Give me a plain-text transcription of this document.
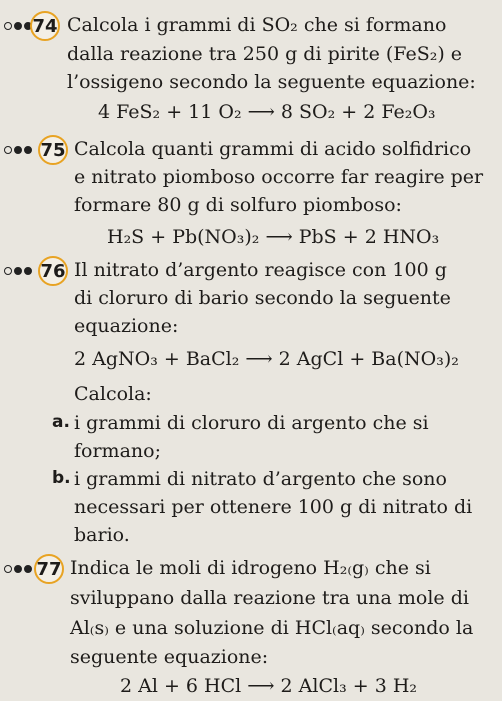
74 Calcola i grammi di SO₂ che si formano
dalla reazione tra 250 g di pirite (FeS₂) e
l’ossigeno secondo la seguente equazione:
4 FeS₂ + 11 O₂ ⟶ 8 SO₂ + 2 Fe₂O₃
75 Calcola quanti grammi di acido solfidrico
e nitrato piomboso occorre far reagire per
formare 80 g di solfuro piomboso:
H₂S + Pb(NO₃)₂ ⟶ PbS + 2 HNO₃
76 Il nitrato d’argento reagisce con 100 g
di cloruro di bario secondo la seguente
equazione:
2 AgNO₃ + BaCl₂ ⟶ 2 AgCl + Ba(NO₃)₂
Calcola:
a. i grammi di cloruro di argento che si
formano;
b. i grammi di nitrato d’argento che sono
necessari per ottenere 100 g di nitrato di
bario.
77 Indica le moli di idrogeno H₂₍g₎ che si
sviluppano dalla reazione tra una mole di
Al₍s₎ e una soluzione di HCl₍aq₎ secondo la
seguente equazione:
2 Al + 6 HCl ⟶ 2 AlCl₃ + 3 H₂
